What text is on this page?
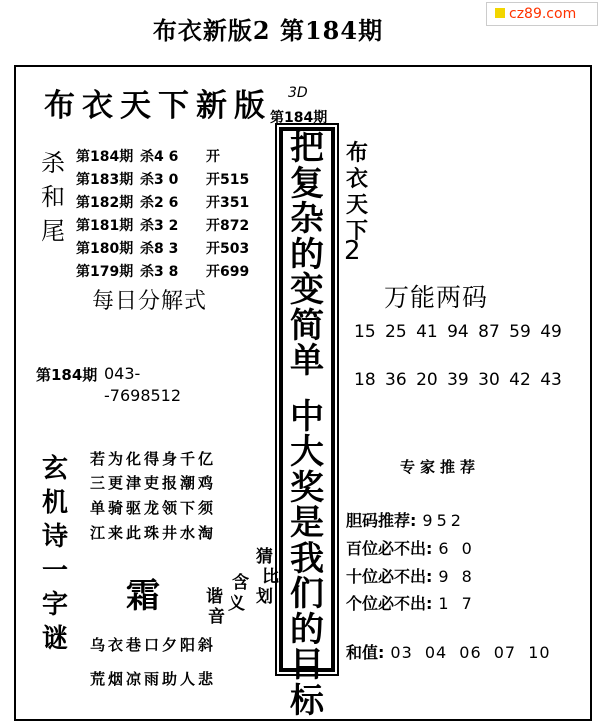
布衣新版2 第184期
cz89.com
布衣天下新版 3D
第184期
杀和尾
第184期 杀4 6 开
第183期 杀3 0 开515
第182期 杀2 6 开351
第181期 杀3 2 开872
第180期 杀8 3 开503
第179期 杀3 8 开699
每日分解式
第184期 043-
-7698512
玄机诗一字谜
若为化得身千亿
三更津吏报潮鸡
单骑驱龙领下须
江来此珠井水淘
霜
猜
比
含
划
义
谐
音
乌衣巷口夕阳斜
荒烟凉雨助人悲
把
复
杂
的
变
简
单
中
大
奖
是
我
们
的
目
标
布衣天下
2
万能两码
15 25 41 94 87 59 49
18 36 20 39 30 42 43
专家推荐
胆码推荐: 952
百位必不出: 6 0
十位必不出: 9 8
个位必不出: 1 7
和值: 03 04 06 07 10
